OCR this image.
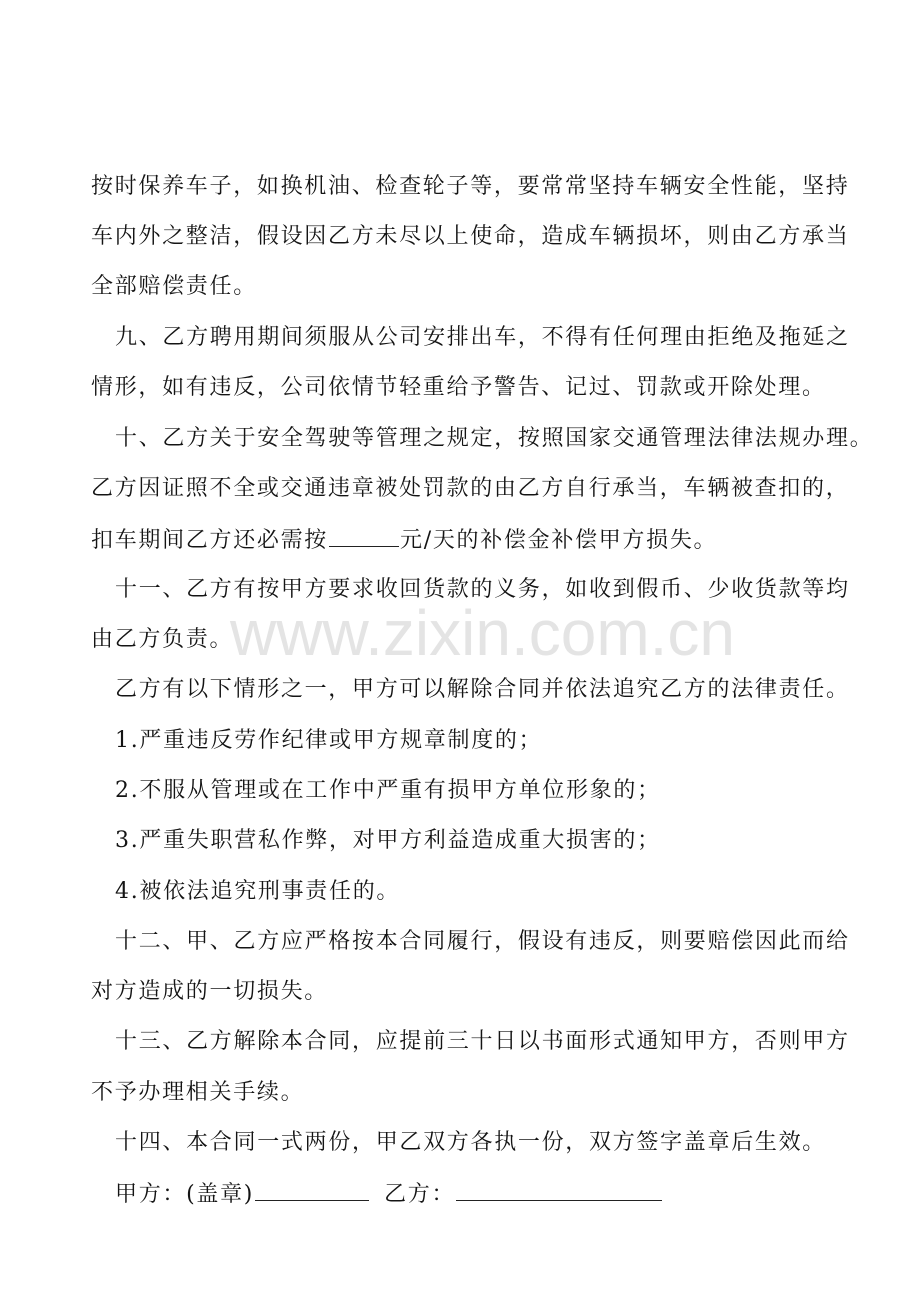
www.zixin.com.cn
按时保养车子，如换机油、检查轮子等，要常常坚持车辆安全性能，坚持
车内外之整洁，假设因乙方未尽以上使命，造成车辆损坏，则由乙方承当
全部赔偿责任。
九、乙方聘用期间须服从公司安排出车，不得有任何理由拒绝及拖延之
情形，如有违反，公司依情节轻重给予警告、记过、罚款或开除处理。
十、乙方关于安全驾驶等管理之规定，按照国家交通管理法律法规办理。
乙方因证照不全或交通违章被处罚款的由乙方自行承当，车辆被查扣的，
扣车期间乙方还必需按	元/天的补偿金补偿甲方损失。
十一、乙方有按甲方要求收回货款的义务，如收到假币、少收货款等均
由乙方负责。
乙方有以下情形之一，甲方可以解除合同并依法追究乙方的法律责任。
1.严重违反劳作纪律或甲方规章制度的；
2.不服从管理或在工作中严重有损甲方单位形象的；
3.严重失职营私作弊，对甲方利益造成重大损害的；
4.被依法追究刑事责任的。
十二、甲、乙方应严格按本合同履行，假设有违反，则要赔偿因此而给
对方造成的一切损失。
十三、乙方解除本合同，应提前三十日以书面形式通知甲方，否则甲方
不予办理相关手续。
十四、本合同一式两份，甲乙双方各执一份，双方签字盖章后生效。
甲方：(盖章)	乙方：
